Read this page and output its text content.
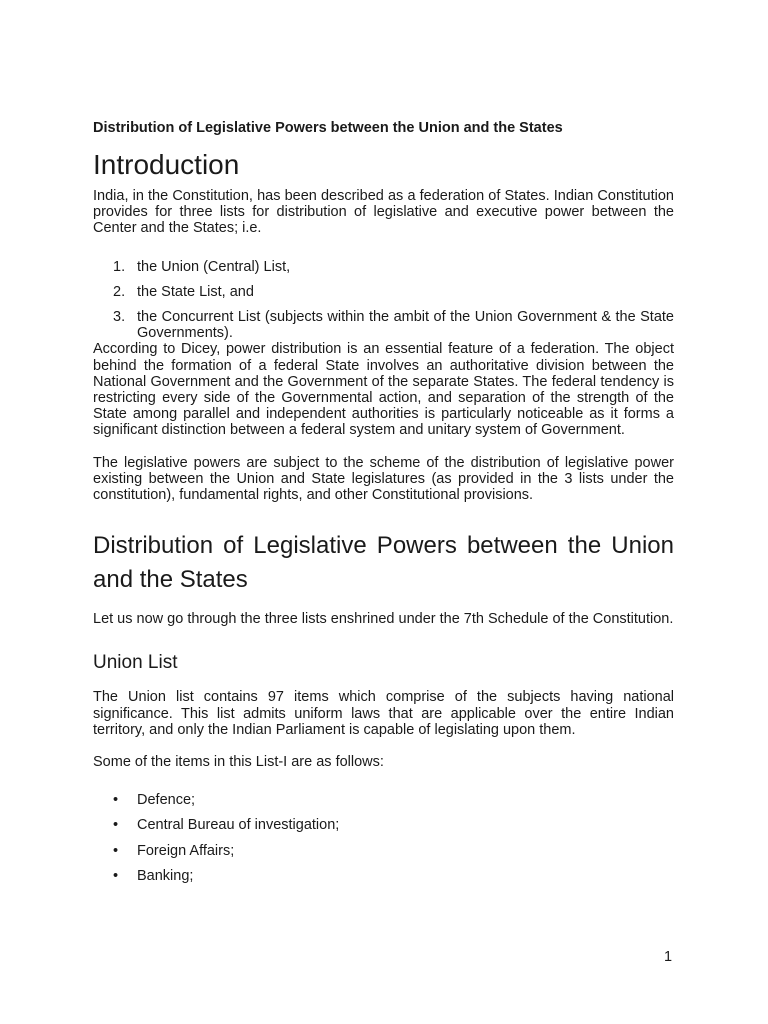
Distribution of Legislative Powers between the Union and the States
Introduction

India, in the Constitution, has been described as a federation of States. Indian Constitution provides for three lists for distribution of legislative and executive power between the Center and the States; i.e.

1. the Union (Central) List,
2. the State List, and
3. the Concurrent List (subjects within the ambit of the Union Government & the State Governments).

According to Dicey, power distribution is an essential feature of a federation. The object behind the formation of a federal State involves an authoritative division between the National Government and the Government of the separate States. The federal tendency is restricting every side of the Governmental action, and separation of the strength of the State among parallel and independent authorities is particularly noticeable as it forms a significant distinction between a federal system and unitary system of Government.

The legislative powers are subject to the scheme of the distribution of legislative power existing between the Union and State legislatures (as provided in the 3 lists under the constitution), fundamental rights, and other Constitutional provisions.

Distribution of Legislative Powers between the Union and the States

Let us now go through the three lists enshrined under the 7th Schedule of the Constitution.

Union List

The Union list contains 97 items which comprise of the subjects having national significance. This list admits uniform laws that are applicable over the entire Indian territory, and only the Indian Parliament is capable of legislating upon them.

Some of the items in this List-I are as follows:

• Defence;
• Central Bureau of investigation;
• Foreign Affairs;
• Banking;
1
